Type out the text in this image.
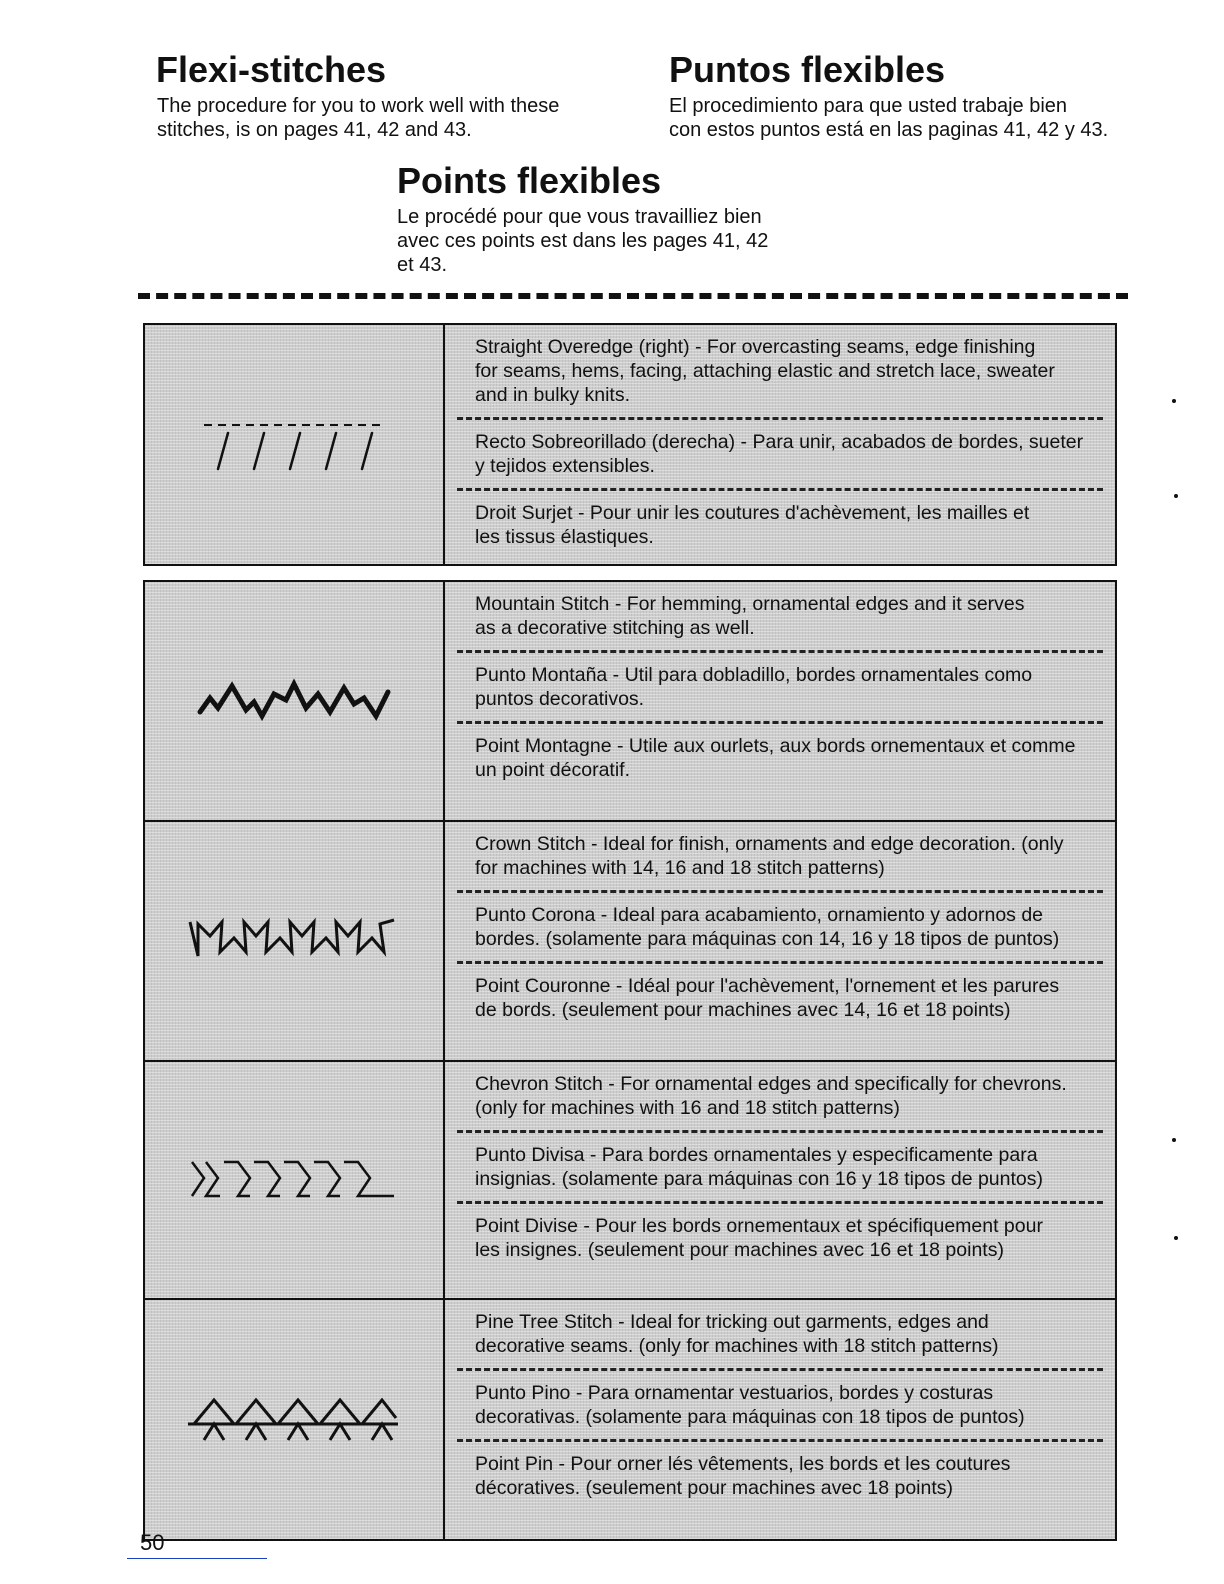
Flexi-stitches
The procedure for you to work well with these
stitches, is on pages 41, 42 and 43.
Puntos flexibles
El procedimiento para que usted trabaje bien
con estos puntos está en las paginas 41, 42 y 43.
Points flexibles
Le procédé pour que vous travailliez bien
avec ces points est dans les pages 41, 42
et 43.
Straight Overedge (right) - For overcasting seams, edge finishing
for seams, hems, facing, attaching elastic and stretch lace, sweater
and in bulky knits.
Recto Sobreorillado (derecha) - Para unir, acabados de bordes, sueter
y tejidos extensibles.
Droit Surjet - Pour unir les coutures d'achèvement, les mailles et
les tissus élastiques.
Mountain Stitch - For hemming, ornamental edges and it serves
as a decorative stitching as well.
Punto Montaña - Util para dobladillo, bordes ornamentales como
puntos decorativos.
Point Montagne - Utile aux ourlets, aux bords ornementaux et comme
un point décoratif.
Crown Stitch - Ideal for finish, ornaments and edge decoration. (only
for machines with 14, 16 and 18 stitch patterns)
Punto Corona - Ideal para acabamiento, ornamiento y adornos de
bordes. (solamente para máquinas con 14, 16 y 18 tipos de puntos)
Point Couronne - Idéal pour l'achèvement, l'ornement et les parures
de bords. (seulement pour machines avec 14, 16 et 18 points)
Chevron Stitch - For ornamental edges and specifically for chevrons.
(only for machines with 16 and 18 stitch patterns)
Punto Divisa - Para bordes ornamentales y especificamente para
insignias. (solamente para máquinas con 16 y 18 tipos de puntos)
Point Divise - Pour les bords ornementaux et spécifiquement pour
les insignes. (seulement pour machines avec 16 et 18 points)
Pine Tree Stitch - Ideal for tricking out garments, edges and
decorative seams. (only for machines with 18 stitch patterns)
Punto Pino - Para ornamentar vestuarios, bordes y costuras
decorativas. (solamente para máquinas con 18 tipos de puntos)
Point Pin - Pour orner lés vêtements, les bords et les coutures
décoratives. (seulement pour machines avec 18 points)
50
